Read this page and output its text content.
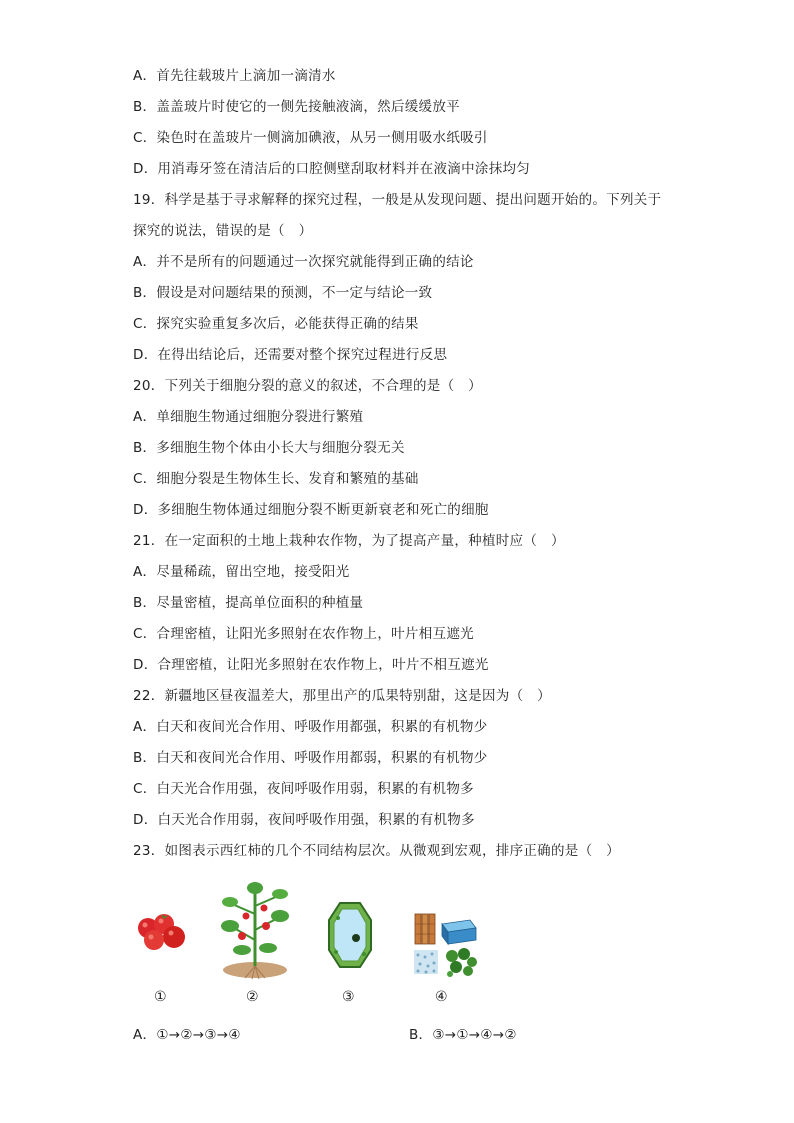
A．首先往载玻片上滴加一滴清水
B．盖盖玻片时使它的一侧先接触液滴，然后缓缓放平
C．染色时在盖玻片一侧滴加碘液，从另一侧用吸水纸吸引
D．用消毒牙签在清洁后的口腔侧壁刮取材料并在液滴中涂抹均匀
19．科学是基于寻求解释的探究过程，一般是从发现问题、提出问题开始的。下列关于
探究的说法，错误的是（　）
A．并不是所有的问题通过一次探究就能得到正确的结论
B．假设是对问题结果的预测，不一定与结论一致
C．探究实验重复多次后，必能获得正确的结果
D．在得出结论后，还需要对整个探究过程进行反思
20．下列关于细胞分裂的意义的叙述，不合理的是（　）
A．单细胞生物通过细胞分裂进行繁殖
B．多细胞生物个体由小长大与细胞分裂无关
C．细胞分裂是生物体生长、发育和繁殖的基础
D．多细胞生物体通过细胞分裂不断更新衰老和死亡的细胞
21．在一定面积的土地上栽种农作物，为了提高产量，种植时应（　）
A．尽量稀疏，留出空地，接受阳光
B．尽量密植，提高单位面积的种植量
C．合理密植，让阳光多照射在农作物上，叶片相互遮光
D．合理密植，让阳光多照射在农作物上，叶片不相互遮光
22．新疆地区昼夜温差大，那里出产的瓜果特别甜，这是因为（　）
A．白天和夜间光合作用、呼吸作用都强，积累的有机物少
B．白天和夜间光合作用、呼吸作用都弱，积累的有机物少
C．白天光合作用强，夜间呼吸作用弱，积累的有机物多
D．白天光合作用弱，夜间呼吸作用强，积累的有机物多
23．如图表示西红柿的几个不同结构层次。从微观到宏观，排序正确的是（　）
①	②	③	④
A．①→②→③→④	B．③→①→④→②
